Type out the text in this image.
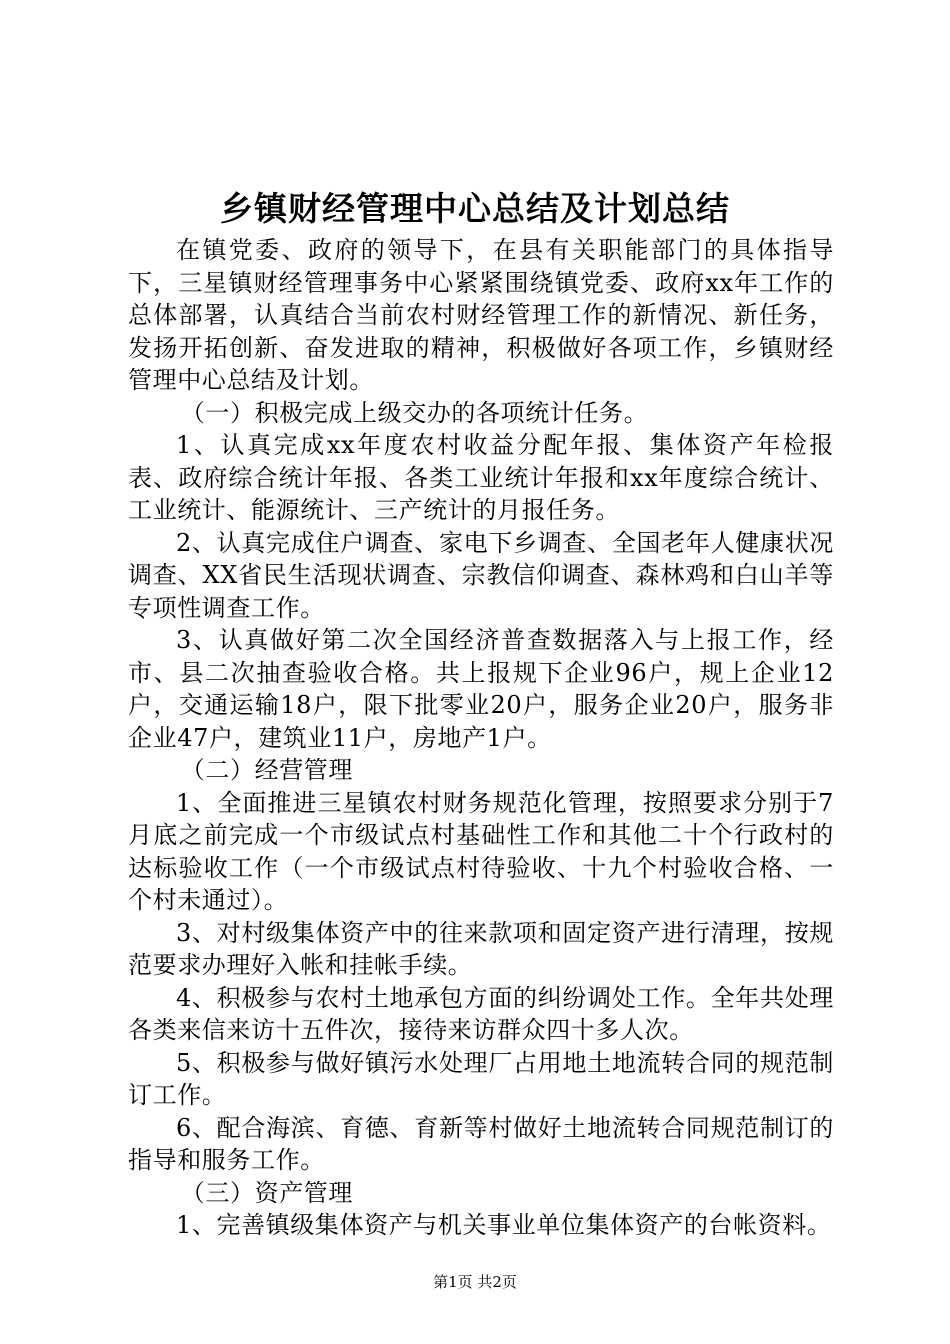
乡镇财经管理中心总结及计划总结

在镇党委、政府的领导下，在县有关职能部门的具体指导下，三星镇财经管理事务中心紧紧围绕镇党委、政府xx年工作的总体部署，认真结合当前农村财经管理工作的新情况、新任务，发扬开拓创新、奋发进取的精神，积极做好各项工作，乡镇财经管理中心总结及计划。

（一）积极完成上级交办的各项统计任务。

1、认真完成xx年度农村收益分配年报、集体资产年检报表、政府综合统计年报、各类工业统计年报和xx年度综合统计、工业统计、能源统计、三产统计的月报任务。

2、认真完成住户调查、家电下乡调查、全国老年人健康状况调查、XX省民生活现状调查、宗教信仰调查、森林鸡和白山羊等专项性调查工作。

3、认真做好第二次全国经济普查数据落入与上报工作，经市、县二次抽查验收合格。共上报规下企业96户，规上企业12户，交通运输18户，限下批零业20户，服务企业20户，服务非企业47户，建筑业11户，房地产1户。

（二）经营管理

1、全面推进三星镇农村财务规范化管理，按照要求分别于7月底之前完成一个市级试点村基础性工作和其他二十个行政村的达标验收工作（一个市级试点村待验收、十九个村验收合格、一个村未通过）。

3、对村级集体资产中的往来款项和固定资产进行清理，按规范要求办理好入帐和挂帐手续。

4、积极参与农村土地承包方面的纠纷调处工作。全年共处理各类来信来访十五件次，接待来访群众四十多人次。

5、积极参与做好镇污水处理厂占用地土地流转合同的规范制订工作。

6、配合海滨、育德、育新等村做好土地流转合同规范制订的指导和服务工作。

（三）资产管理

1、完善镇级集体资产与机关事业单位集体资产的台帐资料。

第1页 共2页
